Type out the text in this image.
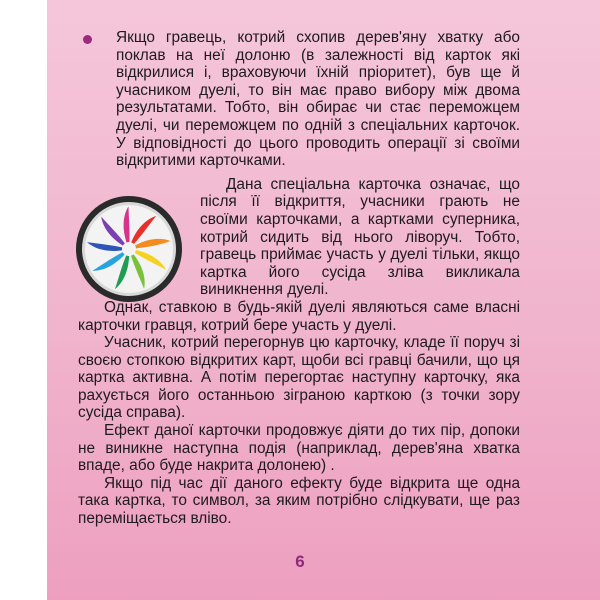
Якщо гравець, котрий схопив дерев'яну хватку або поклав на неї долоню (в залежності від карток які відкрилися і, враховуючи їхній пріоритет), був ще й учасником дуелі, то він має право вибору між двома результатами. Тобто, він обирає чи стає переможцем дуелі, чи переможцем по одній з спеціальних карточок. У відповідності до цього проводить операції зі своїми відкритими карточками.

Дана спеціальна карточка означає, що після її відкриття, учасники грають не своїми карточками, а картками суперника, котрий сидить від нього ліворуч. Тобто, гравець приймає участь у дуелі тільки, якщо картка його сусіда зліва викликала виникнення дуелі.

Однак, ставкою в будь-якій дуелі являються саме власні карточки гравця, котрий бере участь у дуелі.

Учасник, котрий перегорнув цю карточку, кладе її поруч зі своєю стопкою відкритих карт, щоби всі гравці бачили, що ця картка активна. А потім перегортає наступну карточку, яка рахується його останньою зіграною карткою (з точки зору сусіда справа).

Ефект даної карточки продовжує діяти до тих пір, допоки не виникне наступна подія (наприклад, дерев'яна хватка впаде, або буде накрита долонею) .

Якщо під час дії даного ефекту буде відкрита ще одна така картка, то символ, за яким потрібно слідкувати, ще раз переміщається вліво.

6
